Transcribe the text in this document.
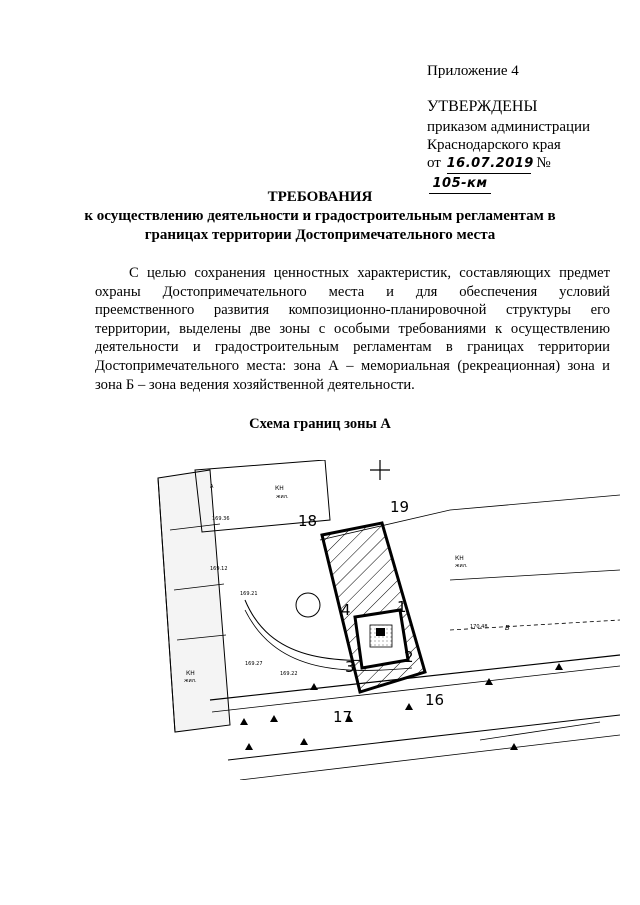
Приложение 4
УТВЕРЖДЕНЫ
приказом администрации
Краснодарского края
от 16.07.2019 № 105-км
ТРЕБОВАНИЯ
к осуществлению деятельности и градостроительным регламентам в
границах территории Достопримечательного места
С целью сохранения ценностных характеристик, составляющих предмет
охраны Достопримечательного места и для обеспечения условий
преемственного развития композиционно-планировочной структуры его
территории, выделены две зоны с особыми требованиями к осуществлению
деятельности и градостроительным регламентам в границах территории
Достопримечательного места: зона А – мемориальная (рекреационная) зона и
зона Б – зона ведения хозяйственной деятельности.
Схема границ зоны А
КН
жил.
А	КН
жил.
169.36
169.21
169.27
169.22
169.12
170.48	В
КН
жил.
18
19
4	1
3
2
16
17
